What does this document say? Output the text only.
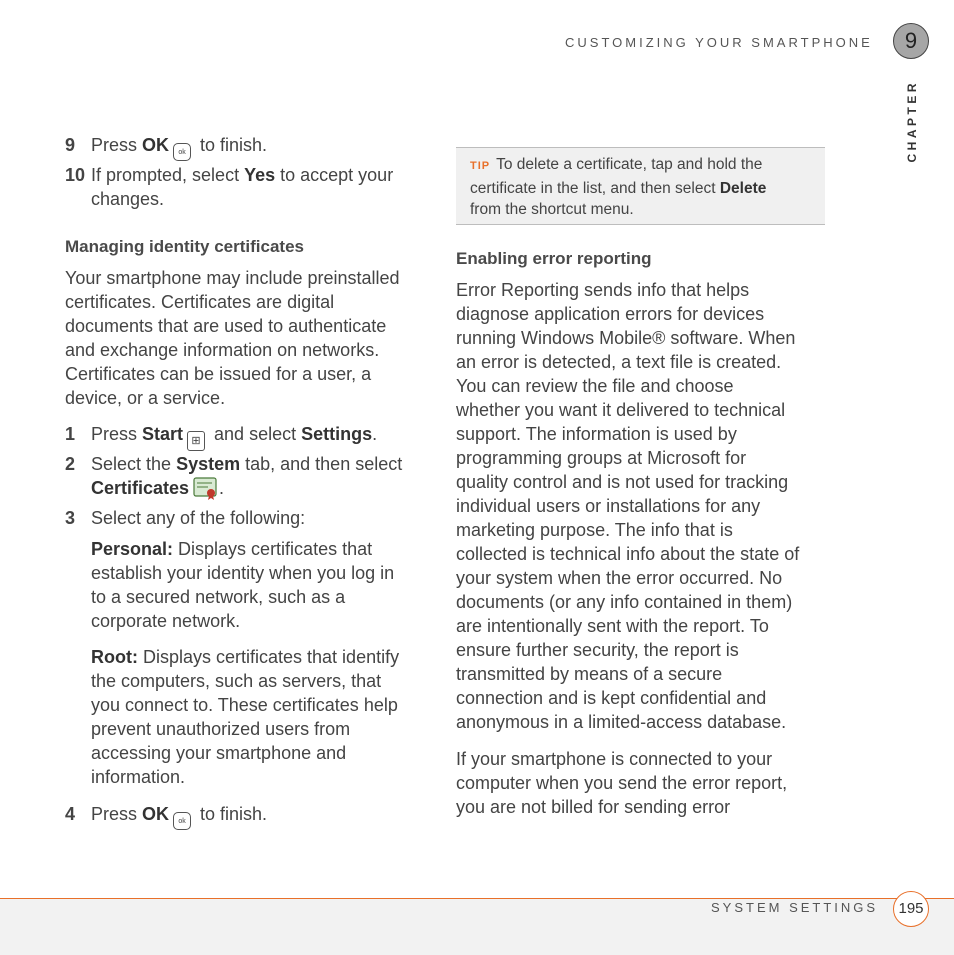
CUSTOMIZING YOUR SMARTPHONE	9
CHAPTER
9 Press OK ok to finish.
10 If prompted, select Yes to accept your
changes.
Managing identity certificates
Your smartphone may include preinstalled
certificates. Certificates are digital
documents that are used to authenticate
and exchange information on networks.
Certificates can be issued for a user, a
device, or a service.
1 Press Start ⊞ and select Settings.
2 Select the System tab, and then select
Certificates .
3 Select any of the following:
Personal: Displays certificates that
establish your identity when you log in
to a secured network, such as a
corporate network.
Root: Displays certificates that identify
the computers, such as servers, that
you connect to. These certificates help
prevent unauthorized users from
accessing your smartphone and
information.
4 Press OK ok to finish.
TIP To delete a certificate, tap and hold the
certificate in the list, and then select Delete
from the shortcut menu.
Enabling error reporting
Error Reporting sends info that helps
diagnose application errors for devices
running Windows Mobile® software. When
an error is detected, a text file is created.
You can review the file and choose
whether you want it delivered to technical
support. The information is used by
programming groups at Microsoft for
quality control and is not used for tracking
individual users or installations for any
marketing purpose. The info that is
collected is technical info about the state of
your system when the error occurred. No
documents (or any info contained in them)
are intentionally sent with the report. To
ensure further security, the report is
transmitted by means of a secure
connection and is kept confidential and
anonymous in a limited-access database.
If your smartphone is connected to your
computer when you send the error report,
you are not billed for sending error
SYSTEM SETTINGS	195
